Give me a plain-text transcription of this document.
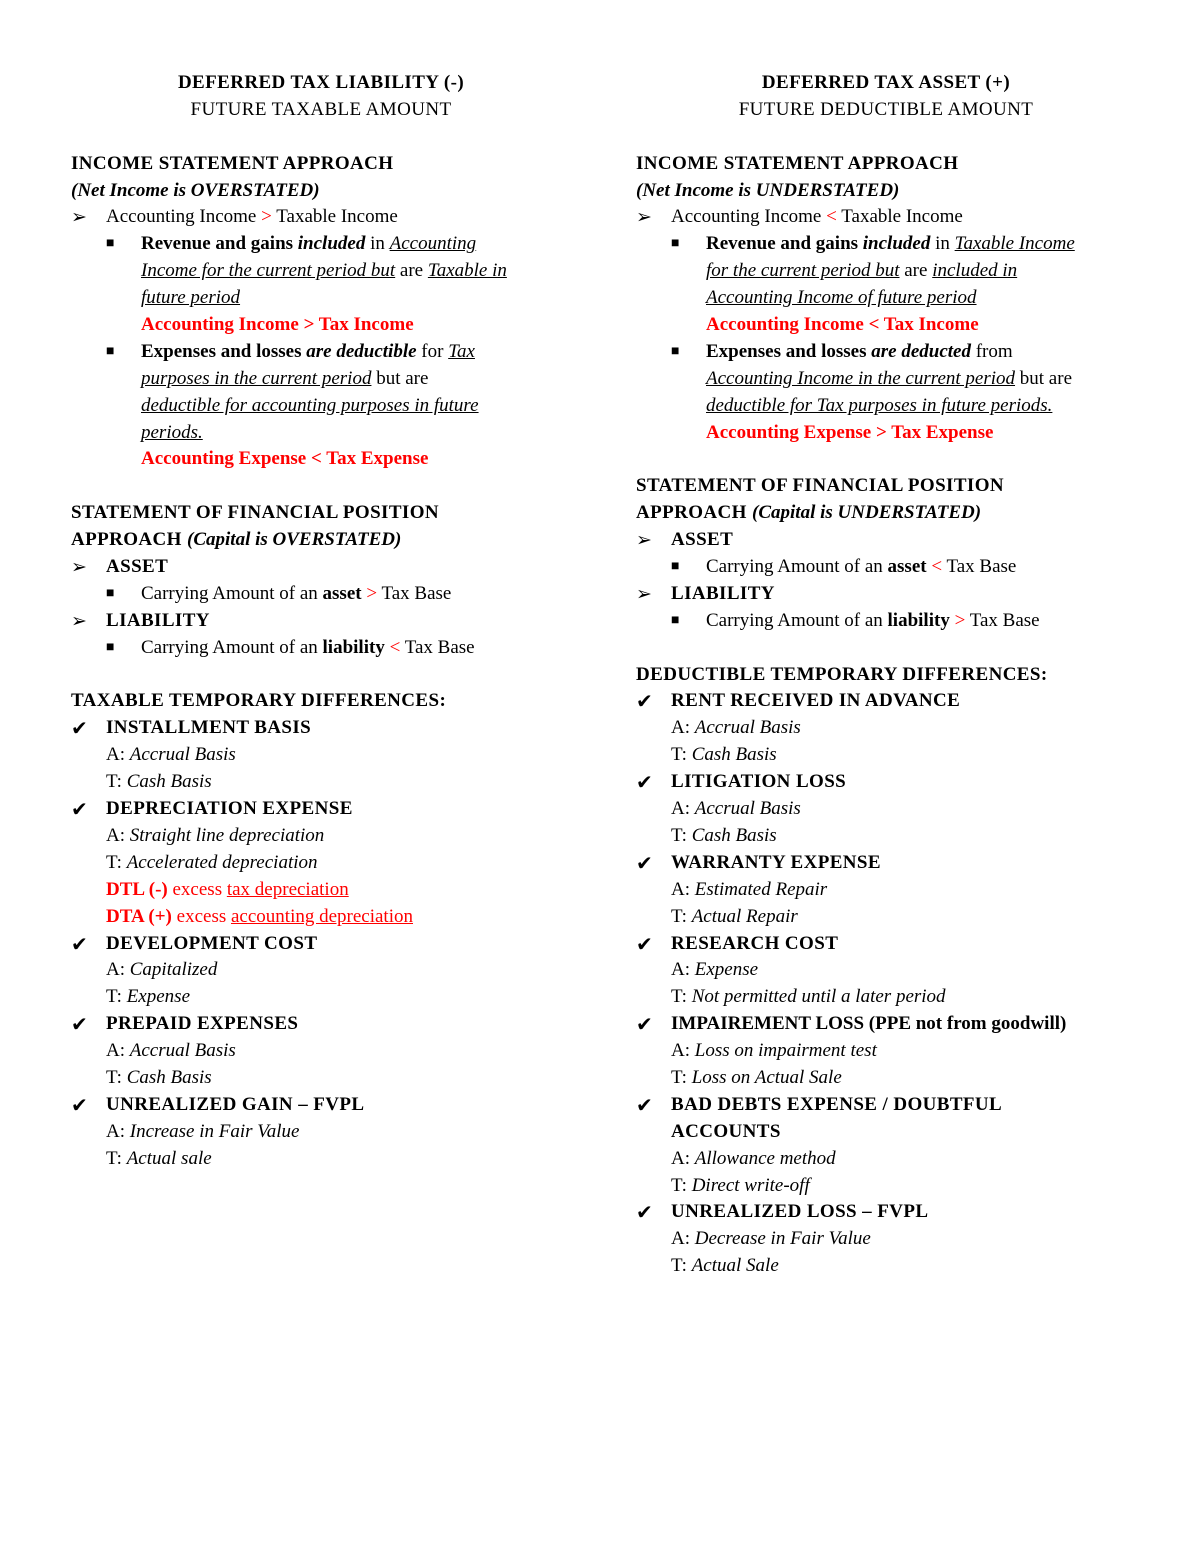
DEFERRED TAX LIABILITY (-)
FUTURE TAXABLE AMOUNT
INCOME STATEMENT APPROACH
(Net Income is OVERSTATED)
➢	Accounting Income > Taxable Income
■	Revenue and gains included in Accounting
Income for the current period but are Taxable in
future period
Accounting Income > Tax Income
■	Expenses and losses are deductible for Tax
purposes in the current period but are
deductible for accounting purposes in future
periods.
Accounting Expense < Tax Expense
STATEMENT OF FINANCIAL POSITION
APPROACH (Capital is OVERSTATED)
➢ ASSET
■	Carrying Amount of an asset > Tax Base
➢ LIABILITY
■	Carrying Amount of an liability < Tax Base
TAXABLE TEMPORARY DIFFERENCES:
✔ INSTALLMENT BASIS
A: Accrual Basis
T: Cash Basis
✔ DEPRECIATION EXPENSE
A: Straight line depreciation
T: Accelerated depreciation
DTL (-) excess tax depreciation
DTA (+) excess accounting depreciation
✔ DEVELOPMENT COST
A: Capitalized
T: Expense
✔ PREPAID EXPENSES
A: Accrual Basis
T: Cash Basis
✔ UNREALIZED GAIN – FVPL
A: Increase in Fair Value
T: Actual sale
DEFERRED TAX ASSET (+)
FUTURE DEDUCTIBLE AMOUNT
INCOME STATEMENT APPROACH
(Net Income is UNDERSTATED)
➢	Accounting Income < Taxable Income
■	Revenue and gains included in Taxable Income
for the current period but are included in
Accounting Income of future period
Accounting Income < Tax Income
■	Expenses and losses are deducted from
Accounting Income in the current period but are
deductible for Tax purposes in future periods.
Accounting Expense > Tax Expense
STATEMENT OF FINANCIAL POSITION
APPROACH (Capital is UNDERSTATED)
➢ ASSET
■	Carrying Amount of an asset < Tax Base
➢ LIABILITY
■	Carrying Amount of an liability > Tax Base
DEDUCTIBLE TEMPORARY DIFFERENCES:
✔ RENT RECEIVED IN ADVANCE
A: Accrual Basis
T: Cash Basis
✔ LITIGATION LOSS
A: Accrual Basis
T: Cash Basis
✔ WARRANTY EXPENSE
A: Estimated Repair
T: Actual Repair
✔ RESEARCH COST
A: Expense
T: Not permitted until a later period
✔ IMPAIREMENT LOSS (PPE not from goodwill)
A: Loss on impairment test
T: Loss on Actual Sale
✔ BAD DEBTS EXPENSE / DOUBTFUL
ACCOUNTS
A: Allowance method
T: Direct write-off
✔ UNREALIZED LOSS – FVPL
A: Decrease in Fair Value
T: Actual Sale
